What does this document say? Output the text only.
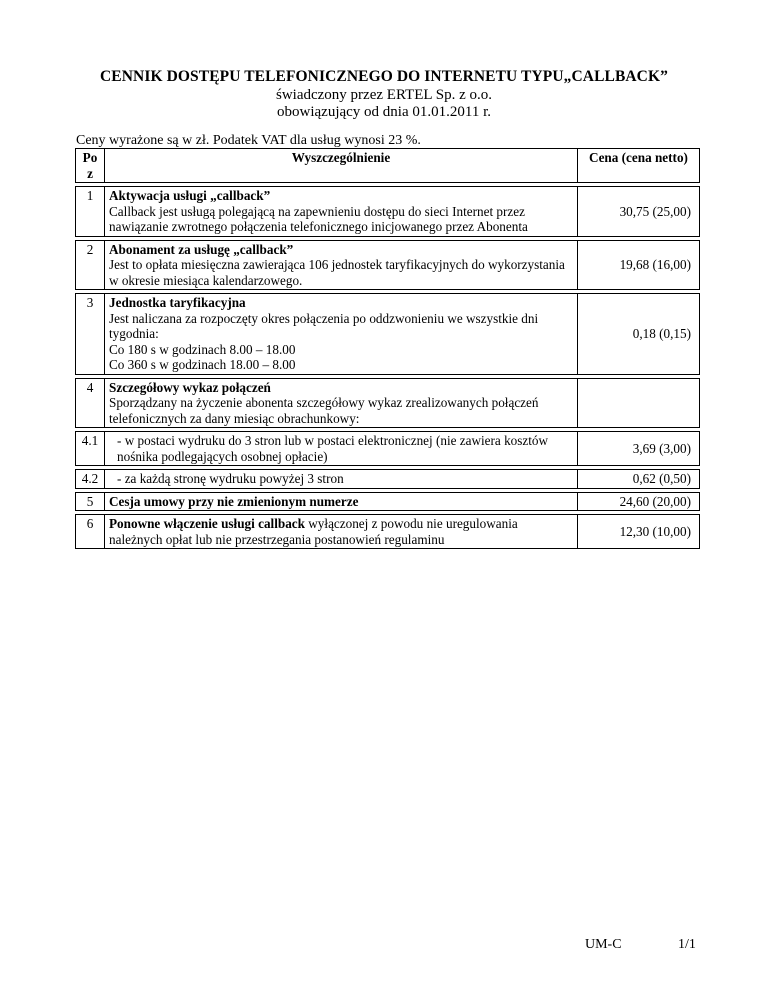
CENNIK DOSTĘPU TELEFONICZNEGO DO INTERNETU TYPU„CALLBACK”
świadczony przez ERTEL Sp. z o.o.
obowiązujący od dnia 01.01.2011 r.
Ceny wyrażone są w zł. Podatek VAT dla usług wynosi 23 %.
Po
z	Wyszczególnienie	Cena (cena netto)

1	Aktywacja usługi „callback”
Callback jest usługą polegającą na zapewnieniu dostępu do sieci Internet przez nawiązanie zwrotnego połączenia telefonicznego inicjowanego przez Abonenta	30,75 (25,00)

2	Abonament za usługę „callback”
Jest to opłata miesięczna zawierająca 106 jednostek taryfikacyjnych do wykorzystania w okresie miesiąca kalendarzowego.	19,68 (16,00)

3	Jednostka taryfikacyjna
Jest naliczana za rozpoczęty okres połączenia po oddzwonieniu we wszystkie dni tygodnia:
Co 180 s w godzinach 8.00 – 18.00
Co 360 s w godzinach 18.00 – 8.00	0,18 (0,15)

4	Szczegółowy wykaz połączeń
Sporządzany na życzenie abonenta szczegółowy wykaz zrealizowanych połączeń telefonicznych za dany miesiąc obrachunkowy:	

4.1	- w postaci wydruku do 3 stron lub w postaci elektronicznej (nie zawiera kosztów nośnika podlegających osobnej opłacie)	3,69 (3,00)

4.2	- za każdą stronę wydruku powyżej 3 stron	0,62 (0,50)

5	Cesja umowy przy nie zmienionym numerze	24,60 (20,00)

6	Ponowne włączenie usługi callback wyłączonej z powodu nie uregulowania należnych opłat lub nie przestrzegania postanowień regulaminu	12,30 (10,00)
UM-C	1/1
